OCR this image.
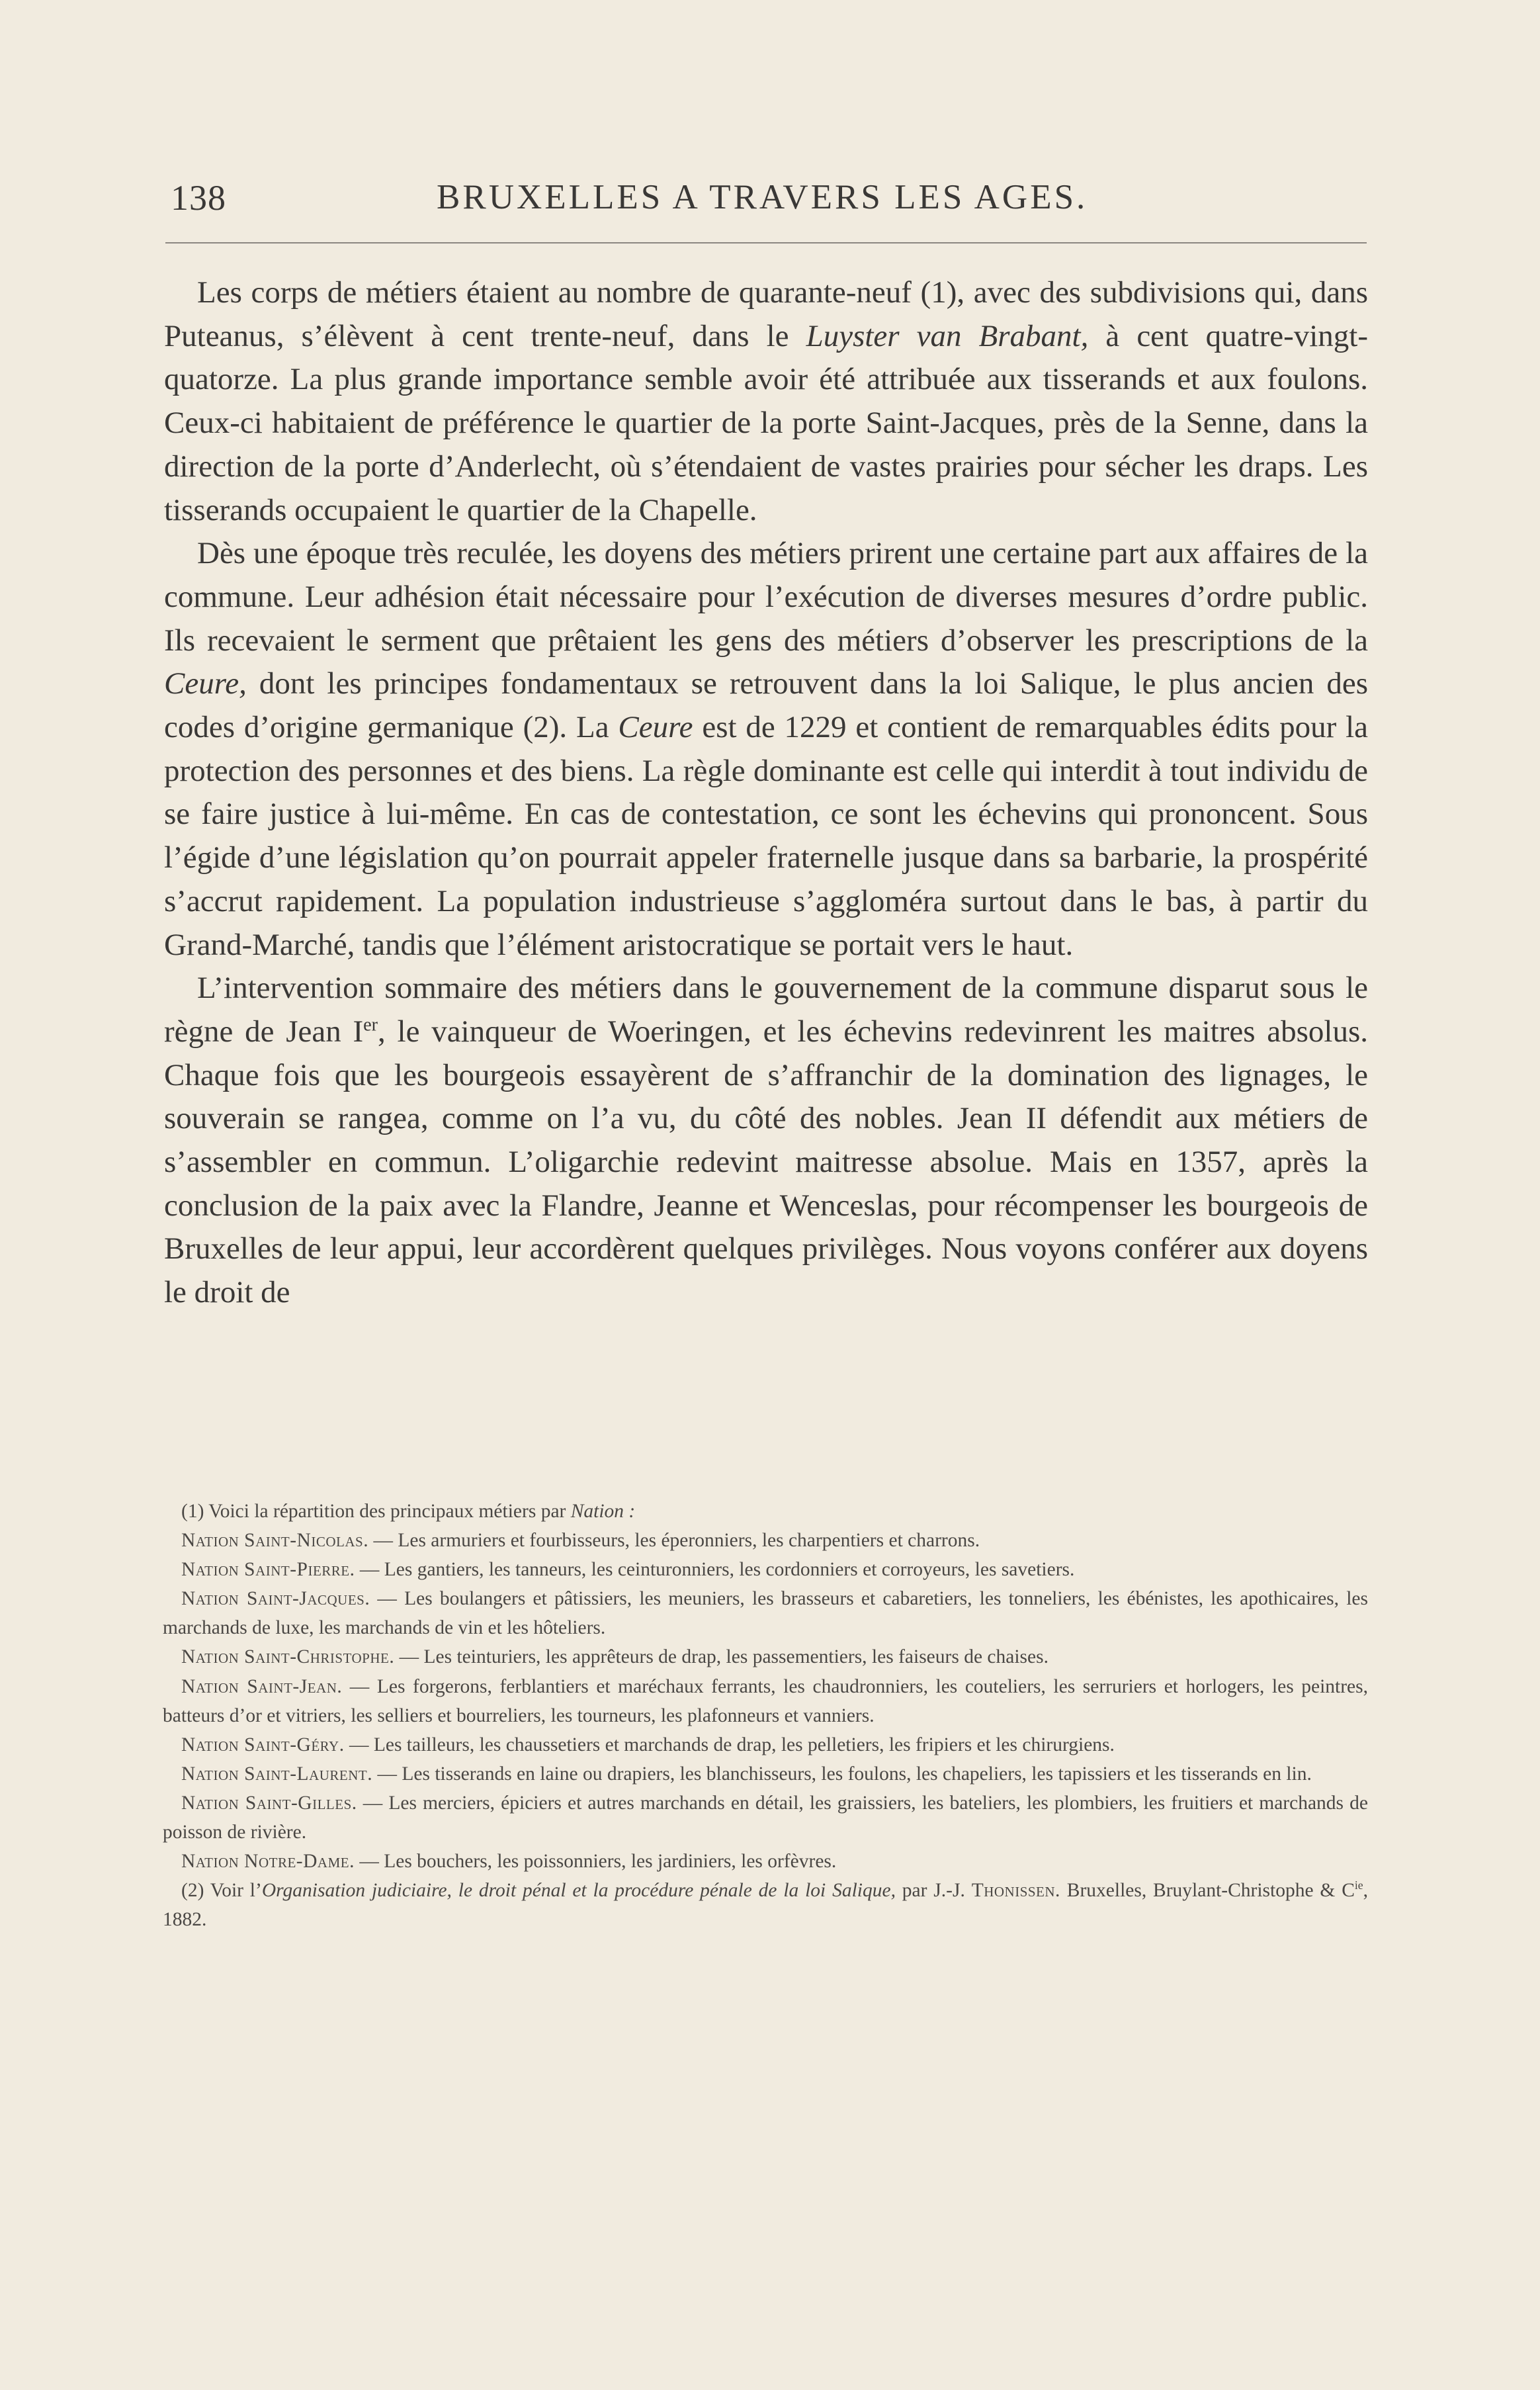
138	BRUXELLES A TRAVERS LES AGES.

Les corps de métiers étaient au nombre de quarante-neuf (1), avec des subdivisions qui, dans Puteanus, s’élèvent à cent trente-neuf, dans le Luyster van Brabant, à cent quatre-vingt-quatorze. La plus grande importance semble avoir été attribuée aux tisserands et aux foulons. Ceux-ci habitaient de préférence le quartier de la porte Saint-Jacques, près de la Senne, dans la direction de la porte d’Anderlecht, où s’étendaient de vastes prairies pour sécher les draps. Les tisserands occupaient le quartier de la Chapelle.

Dès une époque très reculée, les doyens des métiers prirent une certaine part aux affaires de la commune. Leur adhésion était nécessaire pour l’exécution de diverses mesures d’ordre public. Ils recevaient le serment que prêtaient les gens des métiers d’observer les prescriptions de la Ceure, dont les principes fondamentaux se retrouvent dans la loi Salique, le plus ancien des codes d’origine germanique (2). La Ceure est de 1229 et contient de remarquables édits pour la protection des personnes et des biens. La règle dominante est celle qui interdit à tout individu de se faire justice à lui-même. En cas de contestation, ce sont les échevins qui prononcent. Sous l’égide d’une législation qu’on pourrait appeler fraternelle jusque dans sa barbarie, la prospérité s’accrut rapidement. La population industrieuse s’aggloméra surtout dans le bas, à partir du Grand-Marché, tandis que l’élément aristocratique se portait vers le haut.

L’intervention sommaire des métiers dans le gouvernement de la commune disparut sous le règne de Jean Ier, le vainqueur de Woeringen, et les échevins redevinrent les maitres absolus. Chaque fois que les bourgeois essayèrent de s’affranchir de la domination des lignages, le souverain se rangea, comme on l’a vu, du côté des nobles. Jean II défendit aux métiers de s’assembler en commun. L’oligarchie redevint maitresse absolue. Mais en 1357, après la conclusion de la paix avec la Flandre, Jeanne et Wenceslas, pour récompenser les bourgeois de Bruxelles de leur appui, leur accordèrent quelques privilèges. Nous voyons conférer aux doyens le droit de

(1) Voici la répartition des principaux métiers par Nation :

Nation Saint-Nicolas. — Les armuriers et fourbisseurs, les éperonniers, les charpentiers et charrons.

Nation Saint-Pierre. — Les gantiers, les tanneurs, les ceinturonniers, les cordonniers et corroyeurs, les savetiers.

Nation Saint-Jacques. — Les boulangers et pâtissiers, les meuniers, les brasseurs et cabaretiers, les tonneliers, les ébénistes, les apothicaires, les marchands de luxe, les marchands de vin et les hôteliers.

Nation Saint-Christophe. — Les teinturiers, les apprêteurs de drap, les passementiers, les faiseurs de chaises.

Nation Saint-Jean. — Les forgerons, ferblantiers et maréchaux ferrants, les chaudronniers, les couteliers, les serruriers et horlogers, les peintres, batteurs d’or et vitriers, les selliers et bourreliers, les tourneurs, les plafonneurs et vanniers.

Nation Saint-Géry. — Les tailleurs, les chaussetiers et marchands de drap, les pelletiers, les fripiers et les chirurgiens.

Nation Saint-Laurent. — Les tisserands en laine ou drapiers, les blanchisseurs, les foulons, les chapeliers, les tapissiers et les tisserands en lin.

Nation Saint-Gilles. — Les merciers, épiciers et autres marchands en détail, les graissiers, les bateliers, les plombiers, les fruitiers et marchands de poisson de rivière.

Nation Notre-Dame. — Les bouchers, les poissonniers, les jardiniers, les orfèvres.

(2) Voir l’Organisation judiciaire, le droit pénal et la procédure pénale de la loi Salique, par J.-J. Thonissen. Bruxelles, Bruylant-Christophe & $C^{ie}$, 1882.
